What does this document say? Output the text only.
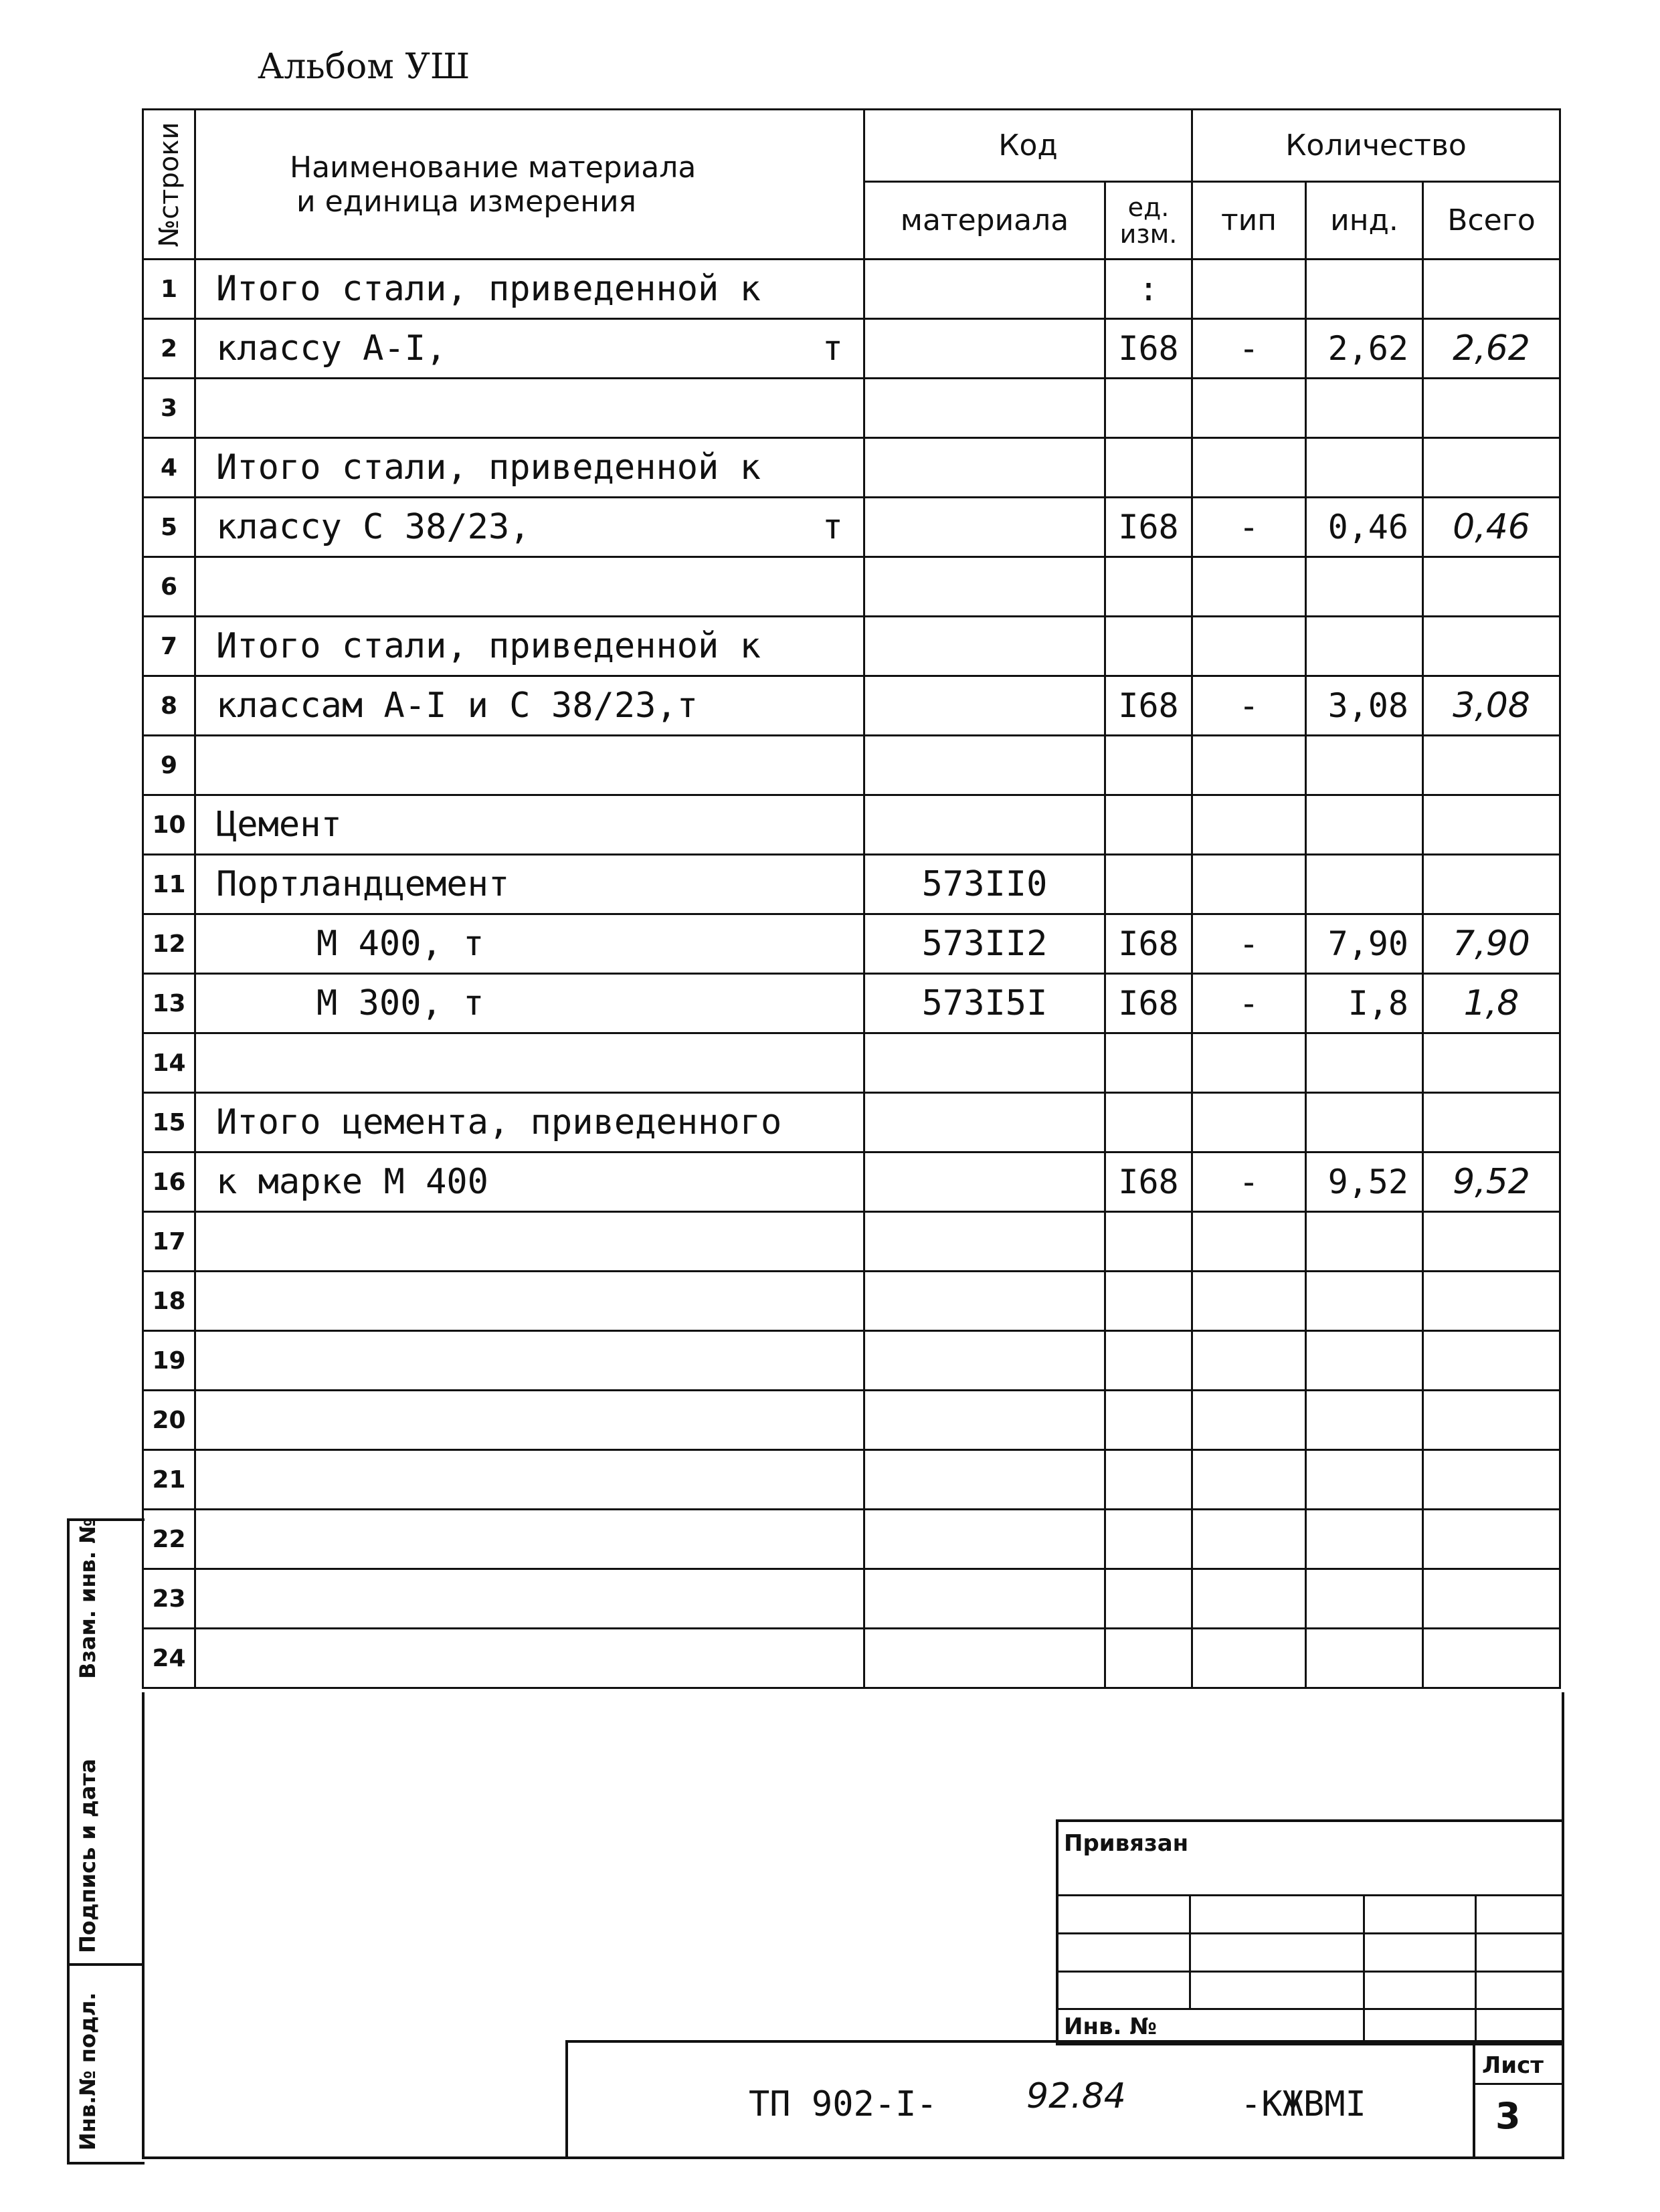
Альбом УШ
№строки	Наименование материала
и единица измерения	Код		Количество		
		материала	ед. изм.	тип	инд.	Всего
1	Итого стали, приведенной к		:			
2	классу А-I, т		I68	-	2,62	2,62
3						
4	Итого стали, приведенной к					
5	классу С 38/23, т		I68	-	0,46	0,46
6						
7	Итого стали, приведенной к					
8	классам А-I и С 38/23,т		I68	-	3,08	3,08
9						
10	Цемент					
11	Портландцемент	573II0				
12	М 400, т	573II2	I68	-	7,90	7,90
13	М 300, т	573I5I	I68	-	I,8	1,8
14						
15	Итого цемента, приведенного					
16	к марке М 400		I68	-	9,52	9,52
17						
18						
19						
20						
21						
22						
23						
24						
Взам. инв. №
Подпись и дата
Инв.№ подл.
Привязан
Инв. №
ТП 902-I-	92.84	-КЖВМI
Лист
3
